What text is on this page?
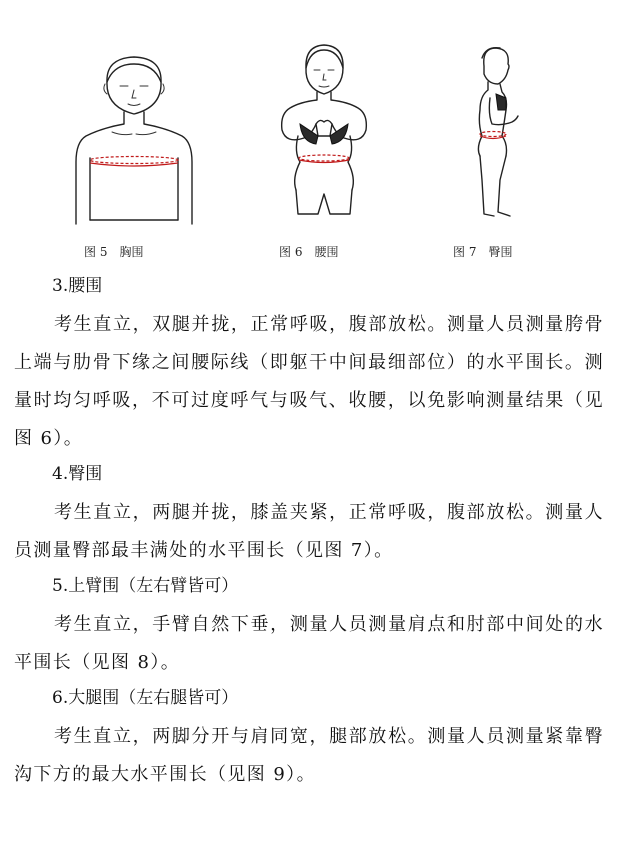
图 5　胸围	图 6　腰围	图 7　臀围
3.腰围
考生直立，双腿并拢，正常呼吸，腹部放松。测量人员测量胯骨上端与肋骨下缘之间腰际线（即躯干中间最细部位）的水平围长。测量时均匀呼吸，不可过度呼气与吸气、收腰，以免影响测量结果（见图 6）。
4.臀围
考生直立，两腿并拢，膝盖夹紧，正常呼吸，腹部放松。测量人员测量臀部最丰满处的水平围长（见图 7）。
5.上臂围（左右臂皆可）
考生直立，手臂自然下垂，测量人员测量肩点和肘部中间处的水平围长（见图 8）。
6.大腿围（左右腿皆可）
考生直立，两脚分开与肩同宽，腿部放松。测量人员测量紧靠臀沟下方的最大水平围长（见图 9）。
